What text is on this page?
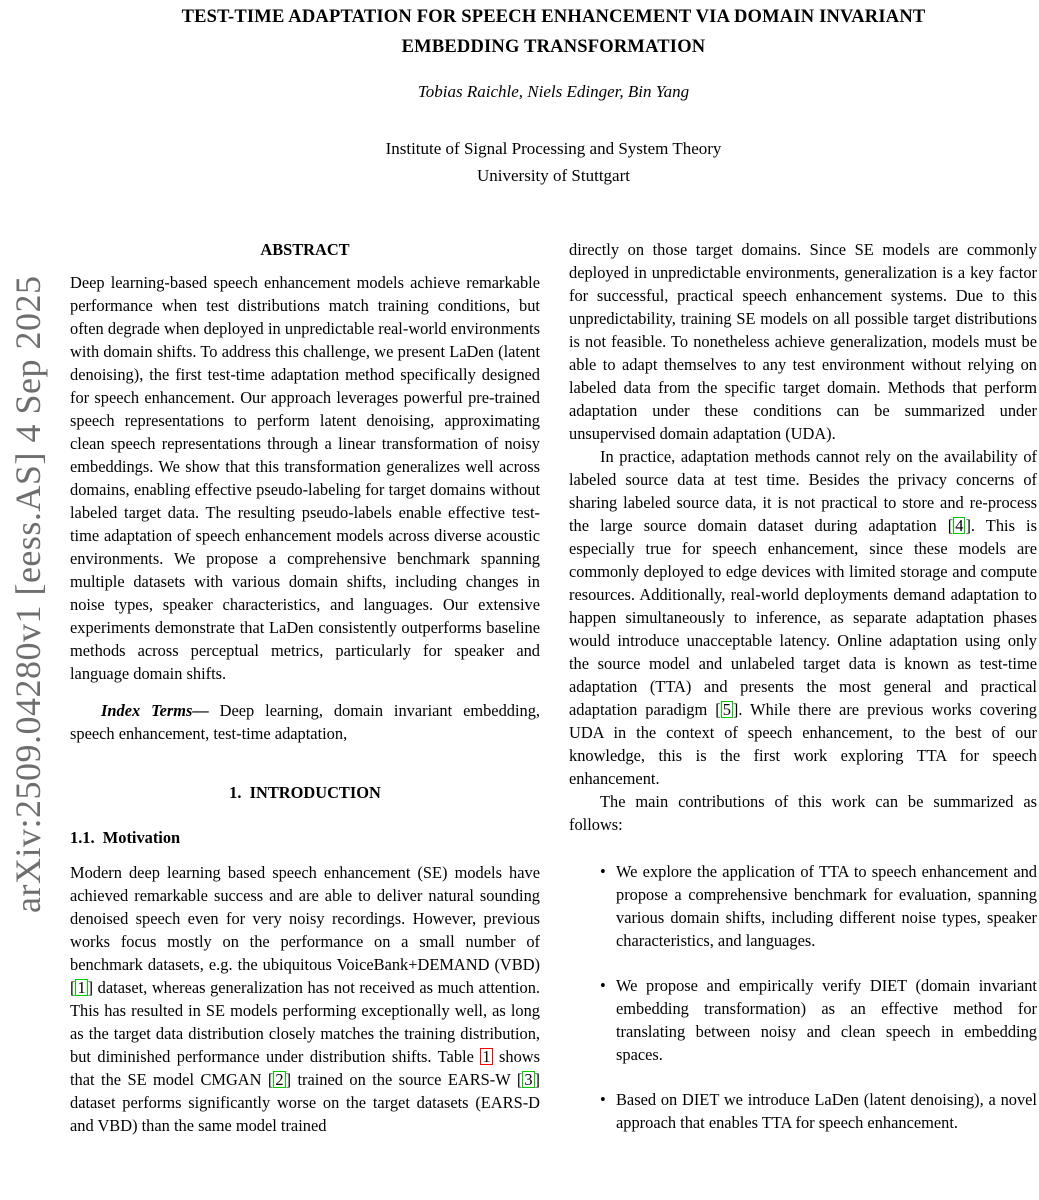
arXiv:2509.04280v1 [eess.AS] 4 Sep 2025
TEST-TIME ADAPTATION FOR SPEECH ENHANCEMENT VIA DOMAIN INVARIANT
EMBEDDING TRANSFORMATION
Tobias Raichle, Niels Edinger, Bin Yang
Institute of Signal Processing and System Theory
University of Stuttgart
ABSTRACT

Deep learning-based speech enhancement models achieve remarkable performance when test distributions match training conditions, but often degrade when deployed in unpredictable real-world environments with domain shifts. To address this challenge, we present LaDen (latent denoising), the first test-time adaptation method specifically designed for speech enhancement. Our approach leverages powerful pre-trained speech representations to perform latent denoising, approximating clean speech representations through a linear transformation of noisy embeddings. We show that this transformation generalizes well across domains, enabling effective pseudo-labeling for target domains without labeled target data. The resulting pseudo-labels enable effective test-time adaptation of speech enhancement models across diverse acoustic environments. We propose a comprehensive benchmark spanning multiple datasets with various domain shifts, including changes in noise types, speaker characteristics, and languages. Our extensive experiments demonstrate that LaDen consistently outperforms baseline methods across perceptual metrics, particularly for speaker and language domain shifts.

Index Terms— Deep learning, domain invariant embedding, speech enhancement, test-time adaptation,

1.  INTRODUCTION
1.1.  Motivation

Modern deep learning based speech enhancement (SE) models have achieved remarkable success and are able to deliver natural sounding denoised speech even for very noisy recordings. However, previous works focus mostly on the performance on a small number of benchmark datasets, e.g. the ubiquitous VoiceBank+DEMAND (VBD) [ 1 ] dataset, whereas generalization has not received as much attention. This has resulted in SE models performing exceptionally well, as long as the target data distribution closely matches the training distribution, but diminished performance under distribution shifts. Table 1 shows that the SE model CMGAN [ 2 ] trained on the source EARS-W [ 3 ] dataset performs significantly worse on the target datasets (EARS-D and VBD) than the same model trained

directly on those target domains. Since SE models are commonly deployed in unpredictable environments, generalization is a key factor for successful, practical speech enhancement systems. Due to this unpredictability, training SE models on all possible target distributions is not feasible. To nonetheless achieve generalization, models must be able to adapt themselves to any test environment without relying on labeled data from the specific target domain. Methods that perform adaptation under these conditions can be summarized under unsupervised domain adaptation (UDA).

In practice, adaptation methods cannot rely on the availability of labeled source data at test time. Besides the privacy concerns of sharing labeled source data, it is not practical to store and re-process the large source domain dataset during adaptation [ 4 ]. This is especially true for speech enhancement, since these models are commonly deployed to edge devices with limited storage and compute resources. Additionally, real-world deployments demand adaptation to happen simultaneously to inference, as separate adaptation phases would introduce unacceptable latency. Online adaptation using only the source model and unlabeled target data is known as test-time adaptation (TTA) and presents the most general and practical adaptation paradigm [ 5 ]. While there are previous works covering UDA in the context of speech enhancement, to the best of our knowledge, this is the first work exploring TTA for speech enhancement.

The main contributions of this work can be summarized as follows:

• We explore the application of TTA to speech enhancement and propose a comprehensive benchmark for evaluation, spanning various domain shifts, including different noise types, speaker characteristics, and languages.
• We propose and empirically verify DIET (domain invariant embedding transformation) as an effective method for translating between noisy and clean speech in embedding spaces.
• Based on DIET we introduce LaDen (latent denoising), a novel approach that enables TTA for speech enhancement.
